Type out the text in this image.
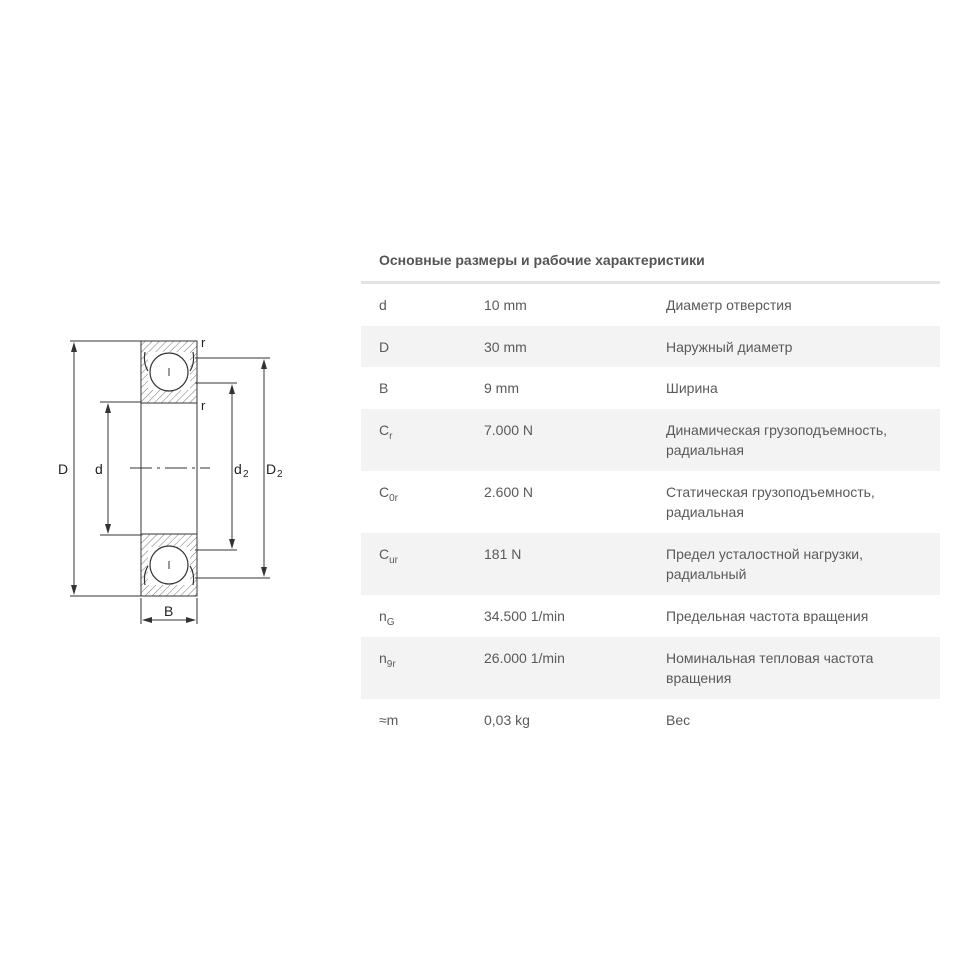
D d	d 2 D 2
B
r
r
Основные размеры и рабочие характеристики
d	10 mm	Диаметр отверстия
D	30 mm	Наружный диаметр
B	9 mm	Ширина
$C_r$	7.000 N	Динамическая грузоподъемность, радиальная
$C_{0r}$	2.600 N	Статическая грузоподъемность, радиальная
$C_{ur}$	181 N	Предел усталостной нагрузки, радиальный
$n_G$	34.500 1/min	Предельная частота вращения
$n_{9r}$	26.000 1/min	Номинальная тепловая частота вращения
≈m	0,03 kg	Вес
